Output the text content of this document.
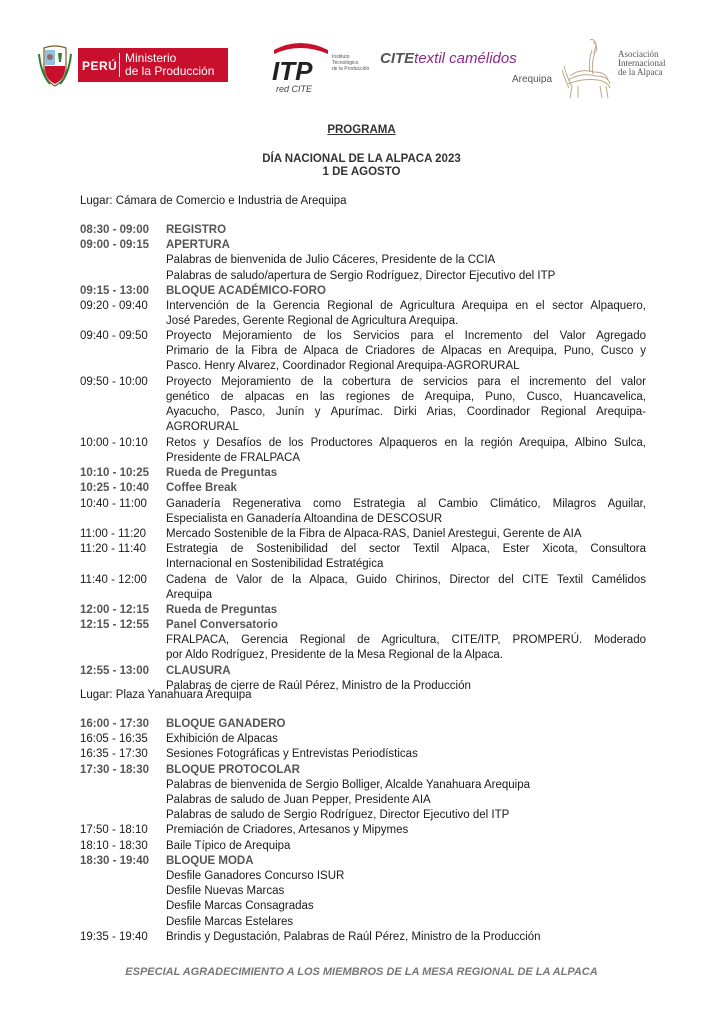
PERÚ
Ministerio
de la Producción ITP
red CITE
Instituto
Tecnológico
de la Producción
CITEtextil camélidos
Arequipa
Asociación
Internacional
de la Alpaca
PROGRAMA
DÍA NACIONAL DE LA ALPACA 2023
1 DE AGOSTO
Lugar: Cámara de Comercio e Industria de Arequipa
08:30 - 09:00	REGISTRO
09:00 - 09:15	APERTURA
Palabras de bienvenida de Julio Cáceres, Presidente de la CCIA
Palabras de saludo/apertura de Sergio Rodríguez, Director Ejecutivo del ITP
09:15 - 13:00	BLOQUE ACADÉMICO-FORO
09:20 - 09:40	Intervención de la Gerencia Regional de Agricultura Arequipa en el sector Alpaquero,
José Paredes, Gerente Regional de Agricultura Arequipa.
09:40 - 09:50	Proyecto Mejoramiento de los Servicios para el Incremento del Valor Agregado
Primario de la Fibra de Alpaca de Criadores de Alpacas en Arequipa, Puno, Cusco y
Pasco. Henry Alvarez, Coordinador Regional Arequipa-AGRORURAL
09:50 - 10:00	Proyecto Mejoramiento de la cobertura de servicios para el incremento del valor
genético de alpacas en las regiones de Arequipa, Puno, Cusco, Huancavelica,
Ayacucho, Pasco, Junín y Apurímac. Dirki Arias, Coordinador Regional Arequipa-
AGRORURAL
10:00 - 10:10	Retos y Desafíos de los Productores Alpaqueros en la región Arequipa, Albino Sulca,
Presidente de FRALPACA
10:10 - 10:25	Rueda de Preguntas
10:25 - 10:40	Coffee Break
10:40 - 11:00	Ganadería Regenerativa como Estrategia al Cambio Climático, Milagros Aguilar,
Especialista en Ganadería Altoandina de DESCOSUR
11:00 - 11:20	Mercado Sostenible de la Fibra de Alpaca-RAS, Daniel Arestegui, Gerente de AIA
11:20 - 11:40	Estrategia de Sostenibilidad del sector Textil Alpaca, Ester Xicota, Consultora
Internacional en Sostenibilidad Estratégica
11:40 - 12:00	Cadena de Valor de la Alpaca, Guido Chirinos, Director del CITE Textil Camélidos
Arequipa
12:00 - 12:15	Rueda de Preguntas
12:15 - 12:55	Panel Conversatorio
FRALPACA, Gerencia Regional de Agricultura, CITE/ITP, PROMPERÚ. Moderado
por Aldo Rodríguez, Presidente de la Mesa Regional de la Alpaca.
12:55 - 13:00	CLAUSURA
Palabras de cierre de Raúl Pérez, Ministro de la Producción
Lugar: Plaza Yanahuara Arequipa
16:00 - 17:30	BLOQUE GANADERO
16:05 - 16:35	Exhibición de Alpacas
16:35 - 17:30	Sesiones Fotográficas y Entrevistas Periodísticas
17:30 - 18:30	BLOQUE PROTOCOLAR
Palabras de bienvenida de Sergio Bolliger, Alcalde Yanahuara Arequipa
Palabras de saludo de Juan Pepper, Presidente AIA
Palabras de saludo de Sergio Rodríguez, Director Ejecutivo del ITP
17:50 - 18:10	Premiación de Criadores, Artesanos y Mipymes
18:10 - 18:30	Baile Típico de Arequipa
18:30 - 19:40	BLOQUE MODA
Desfile Ganadores Concurso ISUR
Desfile Nuevas Marcas
Desfile Marcas Consagradas
Desfile Marcas Estelares
19:35 - 19:40	Brindis y Degustación, Palabras de Raúl Pérez, Ministro de la Producción
ESPECIAL AGRADECIMIENTO A LOS MIEMBROS DE LA MESA REGIONAL DE LA ALPACA
